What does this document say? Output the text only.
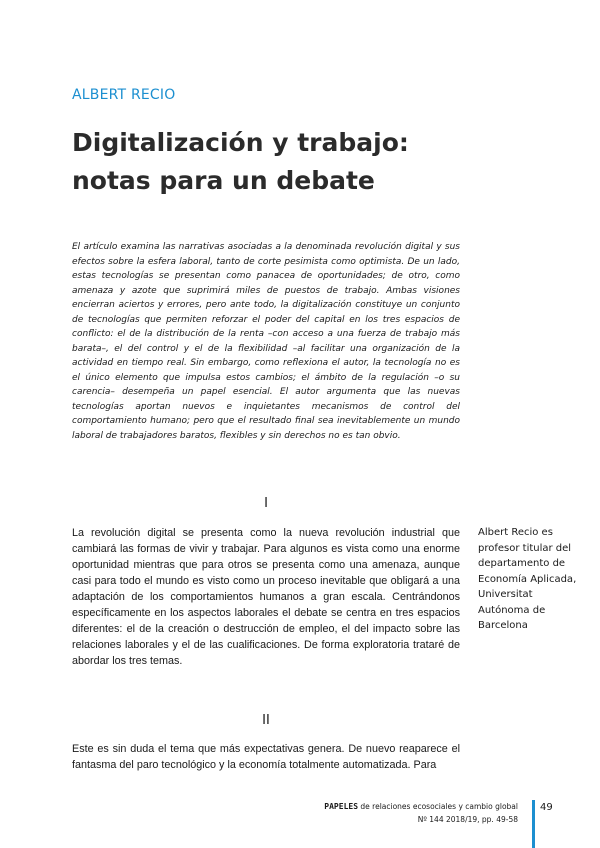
ALBERT RECIO
Digitalización y trabajo: notas para un debate

El artículo examina las narrativas asociadas a la denominada revolución digital y sus efectos sobre la esfera laboral, tanto de corte pesimista como optimista. De un lado, estas tecnologías se presentan como panacea de oportunidades; de otro, como amenaza y azote que suprimirá miles de puestos de trabajo. Ambas visiones encierran aciertos y errores, pero ante todo, la digitalización constituye un conjunto de tecnologías que permiten reforzar el poder del capital en los tres espacios de conflicto: el de la distribución de la renta –con acceso a una fuerza de trabajo más barata–, el del control y el de la flexibilidad –al facilitar una organización de la actividad en tiempo real. Sin embargo, como reflexiona el autor, la tecnología no es el único elemento que impulsa estos cambios; el ámbito de la regulación –o su carencia– desempeña un papel esencial. El autor argumenta que las nuevas tecnologías aportan nuevos e inquietantes mecanismos de control del comportamiento humano; pero que el resultado final sea inevitablemente un mundo laboral de trabajadores baratos, flexibles y sin derechos no es tan obvio.

I

La revolución digital se presenta como la nueva revolución industrial que cambiará las formas de vivir y trabajar. Para algunos es vista como una enorme oportunidad mientras que para otros se presenta como una amenaza, aunque casi para todo el mundo es visto como un proceso inevitable que obligará a una adaptación de los comportamientos humanos a gran escala. Centrándonos específicamente en los aspectos laborales el debate se centra en tres espacios diferentes: el de la creación o destrucción de empleo, el del impacto sobre las relaciones laborales y el de las cualificaciones. De forma exploratoria trataré de abordar los tres temas.

Albert Recio es profesor titular del departamento de Economía Aplicada, Universitat Autónoma de Barcelona

II

Este es sin duda el tema que más expectativas genera. De nuevo reaparece el fantasma del paro tecnológico y la economía totalmente automatizada. Para

PAPELES de relaciones ecosociales y cambio global
Nº 144 2018/19, pp. 49-58
49
